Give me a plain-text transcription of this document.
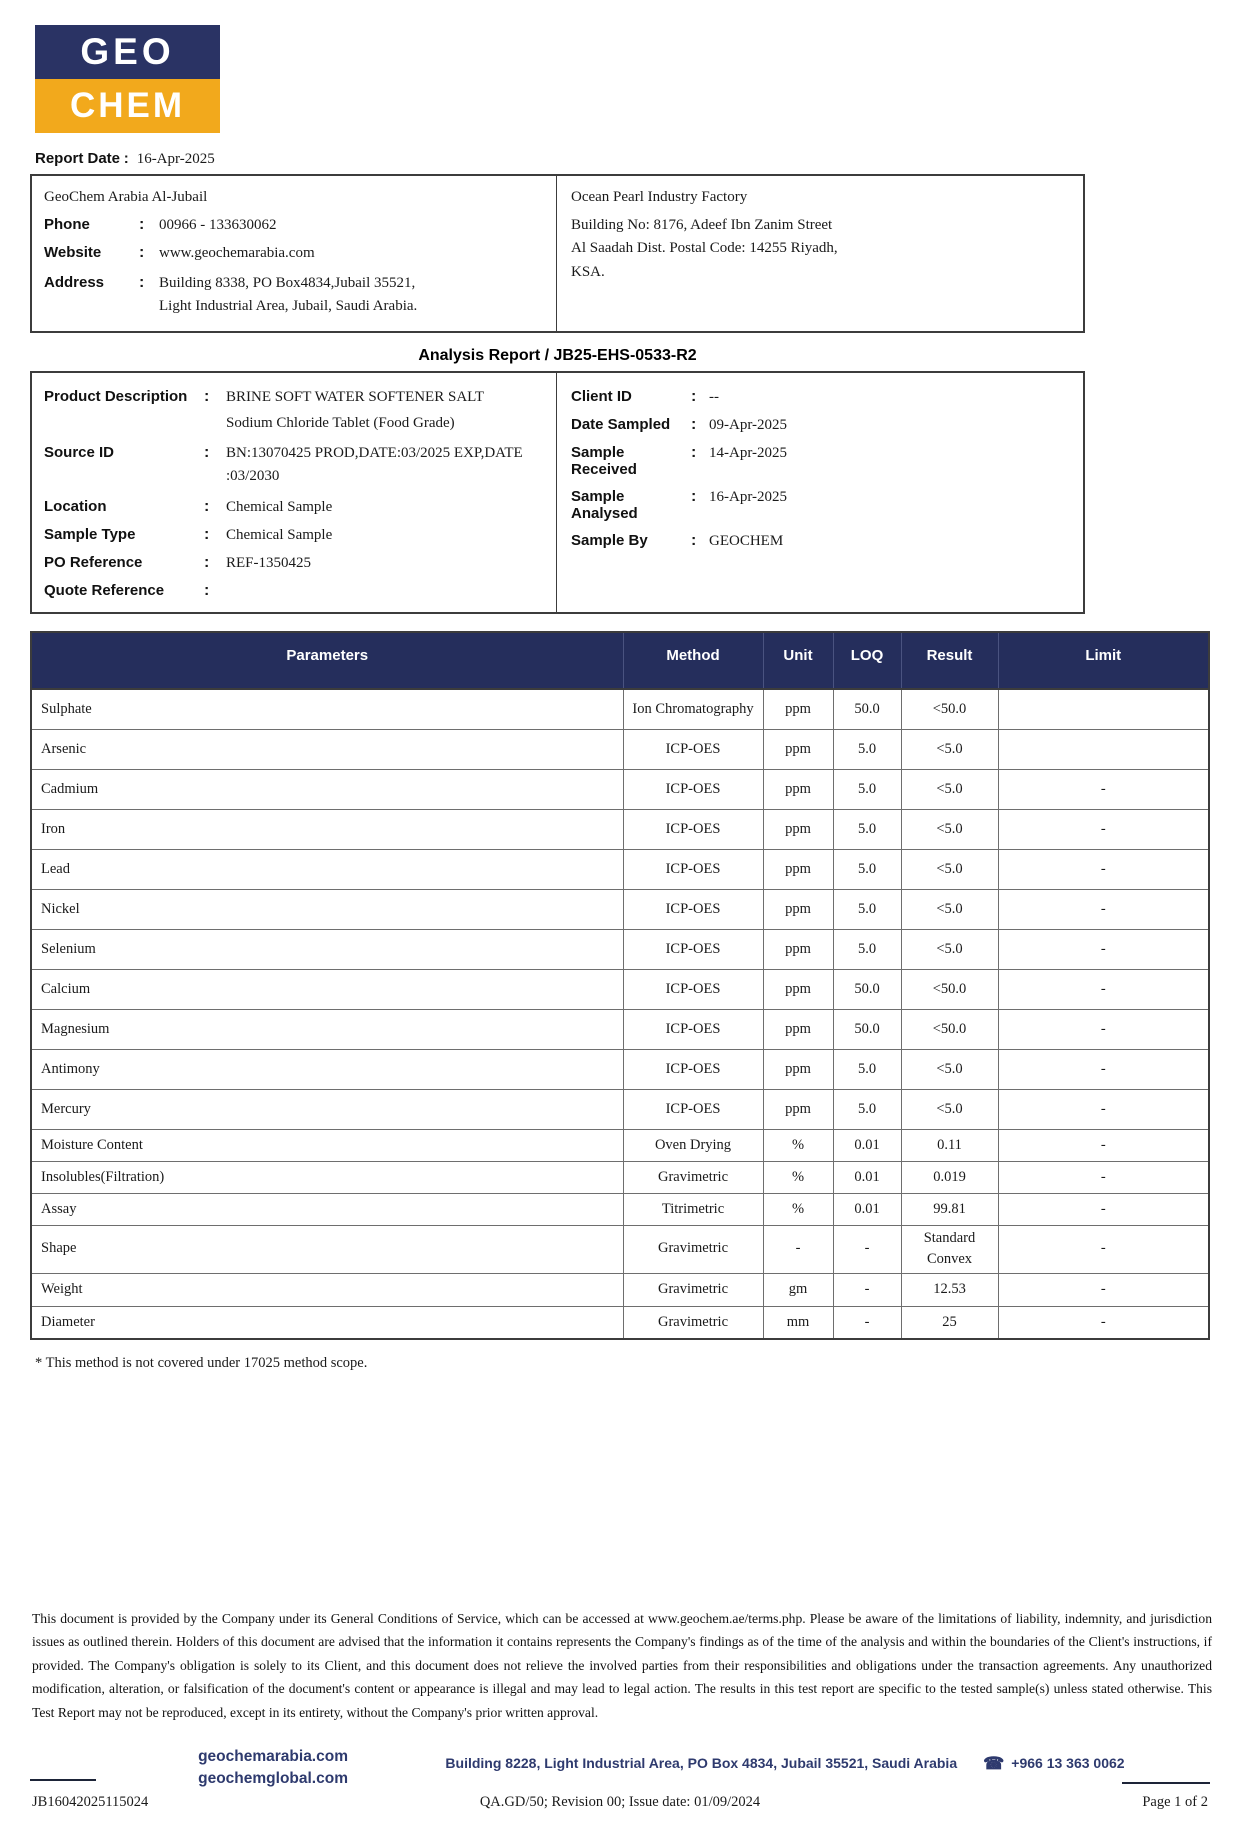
GEO
CHEM
Report Date : 16-Apr-2025
GeoChem Arabia Al-Jubail
Phone :	00966 - 133630062
Website :	www.geochemarabia.com
Address :	Building 8338, PO Box4834,Jubail 35521,
Light Industrial Area, Jubail, Saudi Arabia.
Ocean Pearl Industry Factory
Building No: 8176, Adeef Ibn Zanim Street
Al Saadah Dist. Postal Code: 14255 Riyadh,
KSA.
Analysis Report / JB25-EHS-0533-R2
Product Description :	BRINE SOFT WATER SOFTENER SALT
Sodium Chloride Tablet (Food Grade)
Source ID :	BN:13070425 PROD,DATE:03/2025 EXP,DATE :03/2030
Location :	Chemical Sample
Sample Type :	Chemical Sample
PO Reference :	REF-1350425
Quote Reference
:
Client ID :	--
Date Sampled :	09-Apr-2025
Sample Received
:
14-Apr-2025
Sample Analysed
:
16-Apr-2025
Sample By :	GEOCHEM
Parameters	Method	Unit	LOQ	Result	Limit
Sulphate	Ion Chromatography	ppm	50.0	<50.0	
Arsenic	ICP-OES	ppm	5.0	<5.0	
Cadmium	ICP-OES	ppm	5.0	<5.0	-
Iron	ICP-OES	ppm	5.0	<5.0	-
Lead	ICP-OES	ppm	5.0	<5.0	-
Nickel	ICP-OES	ppm	5.0	<5.0	-
Selenium	ICP-OES	ppm	5.0	<5.0	-
Calcium	ICP-OES	ppm	50.0	<50.0	-
Magnesium	ICP-OES	ppm	50.0	<50.0	-
Antimony	ICP-OES	ppm	5.0	<5.0	-
Mercury	ICP-OES	ppm	5.0	<5.0	-
Moisture Content	Oven Drying	%	0.01	0.11	-
Insolubles(Filtration)	Gravimetric	%	0.01	0.019	-
Assay	Titrimetric	%	0.01	99.81	-
Shape	Gravimetric	-	-	Standard Convex	-
Weight	Gravimetric	gm	-	12.53	-
Diameter	Gravimetric	mm	-	25	-
* This method is not covered under 17025 method scope.
This document is provided by the Company under its General Conditions of Service, which can be accessed at www.geochem.ae/terms.php. Please be aware of the limitations of liability, indemnity, and jurisdiction issues as outlined therein. Holders of this document are advised that the information it contains represents the Company's findings as of the time of the analysis and within the boundaries of the Client's instructions, if provided. The Company's obligation is solely to its Client, and this document does not relieve the involved parties from their responsibilities and obligations under the transaction agreements. Any unauthorized modification, alteration, or falsification of the document's content or appearance is illegal and may lead to legal action. The results in this test report are specific to the tested sample(s) unless stated otherwise. This Test Report may not be reproduced, except in its entirety, without the Company's prior written approval.
geochemarabia.com
geochemglobal.com
Building 8228, Light Industrial Area, PO Box 4834, Jubail 35521, Saudi Arabia ☎ +966 13 363 0062
JB16042025115024	QA.GD/50; Revision 00; Issue date: 01/09/2024	Page 1 of 2
